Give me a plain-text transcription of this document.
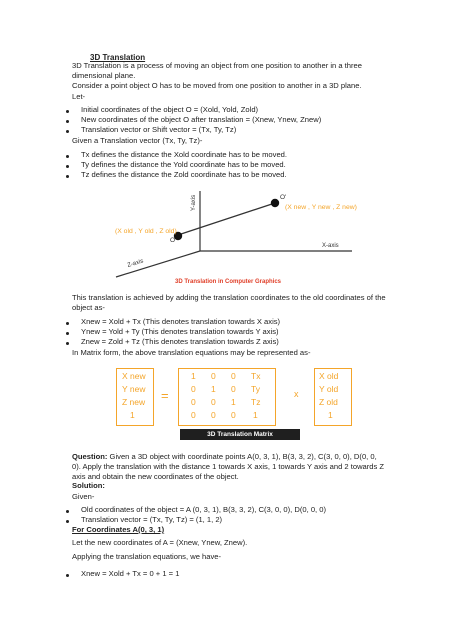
3D Translation
3D Translation is a process of moving an object from one position to another in a three
dimensional plane.
Consider a point object O has to be moved from one position to another in a 3D plane.
Let-
Initial coordinates of the object O = (Xold, Yold, Zold)
New coordinates of the object O after translation = (Xnew, Ynew, Znew)
Translation vector or Shift vector = (Tx, Ty, Tz)
Given a Translation vector (Tx, Ty, Tz)-
Tx defines the distance the Xold coordinate has to be moved.
Ty defines the distance the Yold coordinate has to be moved.
Tz defines the distance the Zold coordinate has to be moved.
Y-axis
X-axis
Z-axis
O
O'
(X old , Y old , Z old)
(X new , Y new , Z new)
3D Translation in Computer Graphics
This translation is achieved by adding the translation coordinates to the old coordinates of the
object as-
Xnew = Xold + Tx (This denotes translation towards X axis)
Ynew = Yold + Ty (This denotes translation towards Y axis)
Znew = Zold + Tz (This denotes translation towards Z axis)
In Matrix form, the above translation equations may be represented as-
X new
Y new
Z new
1
=
1 0 0 Tx
0 1 0 Ty
0 0 1 Tz
0 0 0 1
x
X old
Y old
Z old
1
3D Translation Matrix
Question: Given a 3D object with coordinate points A(0, 3, 1), B(3, 3, 2), C(3, 0, 0), D(0, 0,
0). Apply the translation with the distance 1 towards X axis, 1 towards Y axis and 2 towards Z
axis and obtain the new coordinates of the object.
Solution:
Given-
Old coordinates of the object = A (0, 3, 1), B(3, 3, 2), C(3, 0, 0), D(0, 0, 0)
Translation vector = (Tx, Ty, Tz) = (1, 1, 2)
For Coordinates A(0, 3, 1)
Let the new coordinates of A = (Xnew, Ynew, Znew).
Applying the translation equations, we have-
Xnew = Xold + Tx = 0 + 1 = 1
